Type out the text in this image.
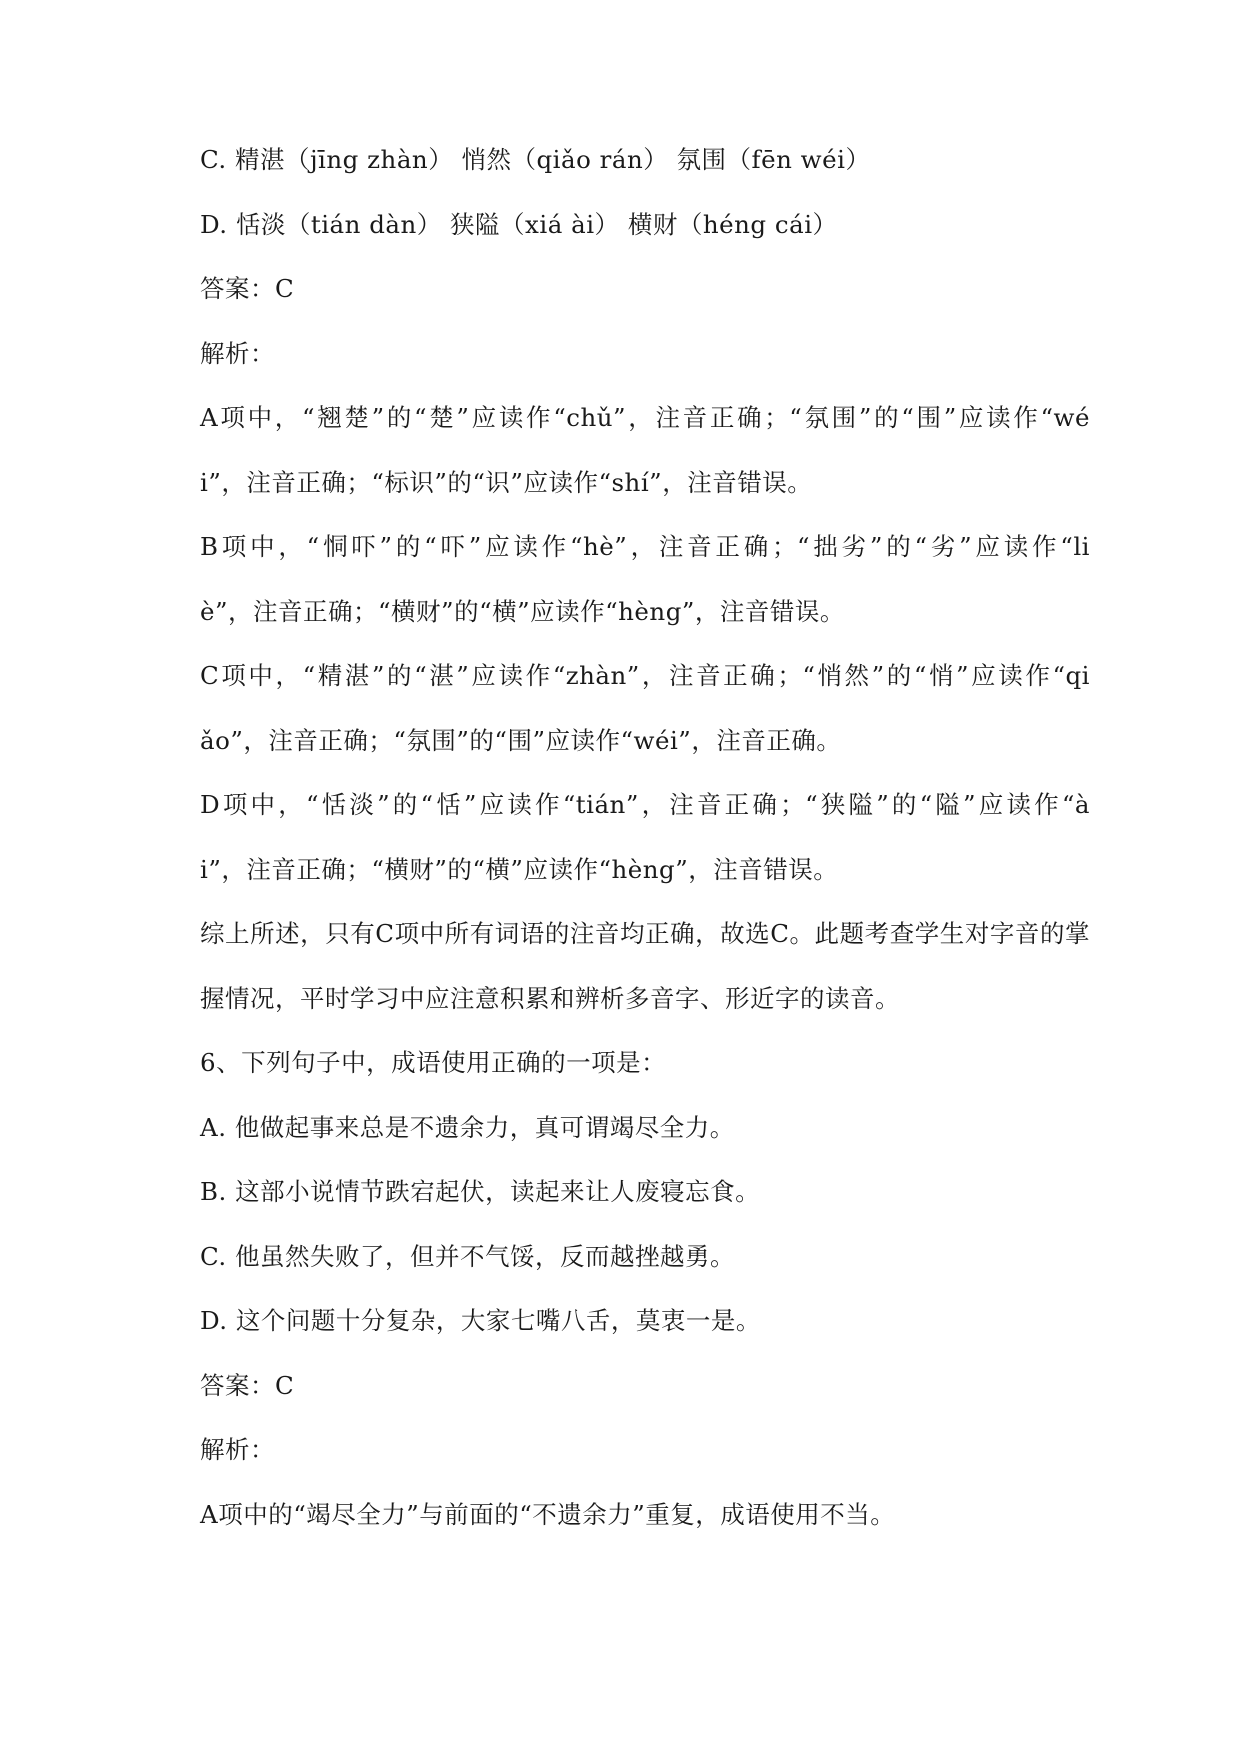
C. 精湛（jīng zhàn） 悄然（qiǎo rán） 氛围（fēn wéi）
D. 恬淡（tián dàn） 狭隘（xiá ài） 横财（héng cái）
答案：C
解析：
A项中，“翘楚”的“楚”应读作“chǔ”，注音正确；“氛围”的“围”应读作“wé
i”，注音正确；“标识”的“识”应读作“shí”，注音错误。
B项中，“恫吓”的“吓”应读作“hè”，注音正确；“拙劣”的“劣”应读作“li
è”，注音正确；“横财”的“横”应读作“hèng”，注音错误。
C项中，“精湛”的“湛”应读作“zhàn”，注音正确；“悄然”的“悄”应读作“qi
ǎo”，注音正确；“氛围”的“围”应读作“wéi”，注音正确。
D项中，“恬淡”的“恬”应读作“tián”，注音正确；“狭隘”的“隘”应读作“à
i”，注音正确；“横财”的“横”应读作“hèng”，注音错误。
综上所述，只有C项中所有词语的注音均正确，故选C。此题考查学生对字音的掌
握情况，平时学习中应注意积累和辨析多音字、形近字的读音。
6、下列句子中，成语使用正确的一项是：
A. 他做起事来总是不遗余力，真可谓竭尽全力。
B. 这部小说情节跌宕起伏，读起来让人废寝忘食。
C. 他虽然失败了，但并不气馁，反而越挫越勇。
D. 这个问题十分复杂，大家七嘴八舌，莫衷一是。
答案：C
解析：
A项中的“竭尽全力”与前面的“不遗余力”重复，成语使用不当。
